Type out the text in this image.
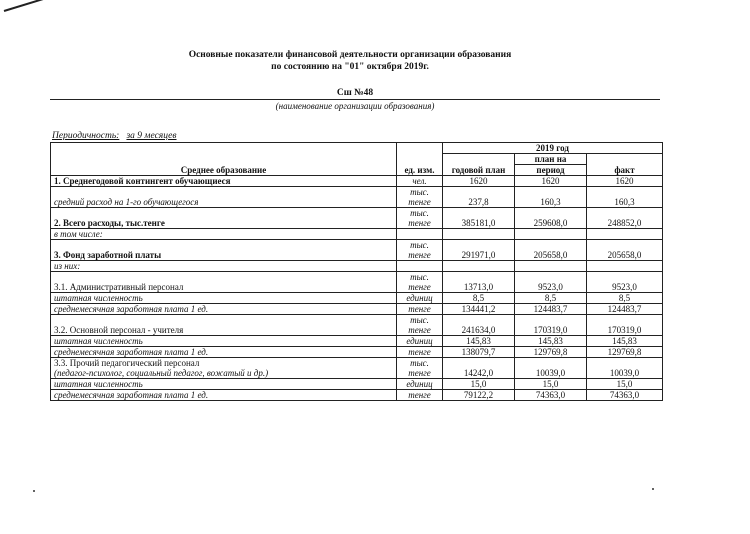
Основные показатели финансовой деятельности организации образования
по состоянию на "01" октября 2019г.
Сш №48
(наименование организации образования)
Периодичность: за 9 месяцев
Среднее образование	ед. изм.	2019 год		
		годовой план	план на	факт
			период	
1. Среднегодовой контингент обучающиеся	чел.	1620	1620	1620
средний расход на 1-го обучающегося	тыс.
тенге	237,8	160,3	160,3
2. Всего расходы, тыс.тенге	тыс.
тенге	385181,0	259608,0	248852,0
в том числе:				
3. Фонд заработной платы	тыс.
тенге	291971,0	205658,0	205658,0
из них:				
3.1. Административный персонал	тыс.
тенге	13713,0	9523,0	9523,0
штатная численность	единиц	8,5	8,5	8,5
среднемесячная заработная плата 1 ед.	тенге	134441,2	124483,7	124483,7
3.2. Основной персонал - учителя	тыс.
тенге	241634,0	170319,0	170319,0
штатная численность	единиц	145,83	145,83	145,83
среднемесячная заработная плата 1 ед.	тенге	138079,7	129769,8	129769,8
3.3. Прочий педагогический персонал
(педагог-психолог, социальный педагог, вожатый и др.)	тыс.
тенге	14242,0	10039,0	10039,0
штатная численность	единиц	15,0	15,0	15,0
среднемесячная заработная плата 1 ед.	тенге	79122,2	74363,0	74363,0
